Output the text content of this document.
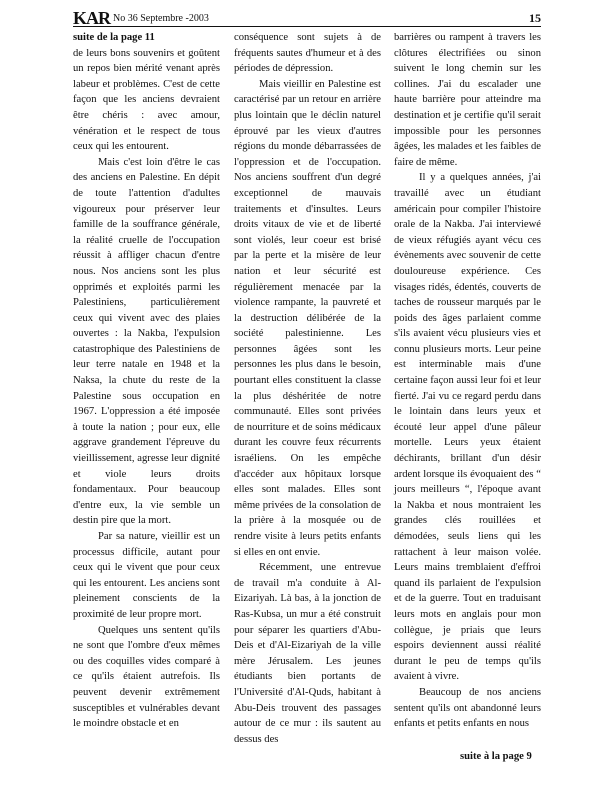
KAR No 36 Septembre -2003	15

suite de la page 11

de leurs bons souvenirs et goûtent un repos bien mérité venant après labeur et problèmes. C'est de cette façon que les anciens devraient être chéris : avec amour, vénération et le respect de tous ceux qui les entourent.

Mais c'est loin d'être le cas des anciens en Palestine. En dépit de toute l'attention d'adultes vigoureux pour préserver leur famille de la souffrance générale, la réalité cruelle de l'occupation réussit à affliger chacun d'entre nous. Nos anciens sont les plus opprimés et exploités parmi les Palestiniens, particulièrement ceux qui vivent avec des plaies ouvertes : la Nakba, l'expulsion catastrophique des Palestiniens de leur terre natale en 1948 et la Naksa, la chute du reste de la Palestine sous occupation en 1967. L'oppression a été imposée à toute la nation ; pour eux, elle aggrave grandement l'épreuve du vieillissement, agresse leur dignité et viole leurs droits fondamentaux. Pour beaucoup d'entre eux, la vie semble un destin pire que la mort.

Par sa nature, vieillir est un processus difficile, autant pour ceux qui le vivent que pour ceux qui les entourent. Les anciens sont pleinement conscients de la proximité de leur propre mort.

Quelques uns sentent qu'ils ne sont que l'ombre d'eux mêmes ou des coquilles vides comparé à ce qu'ils étaient autrefois. Ils peuvent devenir extrêmement susceptibles et vulnérables devant le moindre obstacle et en

conséquence sont sujets à de fréquents sautes d'humeur et à des périodes de dépression.

Mais vieillir en Palestine est caractérisé par un retour en arrière plus lointain que le déclin naturel éprouvé par les vieux d'autres régions du monde débarrassées de l'oppression et de l'occupation. Nos anciens souffrent d'un degré exceptionnel de mauvais traitements et d'insultes. Leurs droits vitaux de vie et de liberté sont violés, leur coeur est brisé par la perte et la misère de leur nation et leur sécurité est régulièrement menacée par la violence rampante, la pauvreté et la destruction délibérée de la société palestinienne. Les personnes âgées sont les personnes les plus dans le besoin, pourtant elles constituent la classe la plus déshéritée de notre communauté. Elles sont privées de nourriture et de soins médicaux durant les couvre feux récurrents israéliens. On les empêche d'accéder aux hôpitaux lorsque elles sont malades. Elles sont même privées de la consolation de la prière à la mosquée ou de rendre visite à leurs petits enfants si elles en ont envie.

Récemment, une entrevue de travail m'a conduite à Al-Eizariyah. Là bas, à la jonction de Ras-Kubsa, un mur a été construit pour séparer les quartiers d'Abu-Deis et d'Al-Eizariyah de la ville mère Jérusalem. Les jeunes étudiants bien portants de l'Université d'Al-Quds, habitant à Abu-Deis trouvent des passages autour de ce mur : ils sautent au dessus des

barrières ou rampent à travers les clôtures électrifiées ou sinon suivent le long chemin sur les collines. J'ai du escalader une haute barrière pour atteindre ma destination et je certifie qu'il serait impossible pour les personnes âgées, les malades et les faibles de faire de même.

Il y a quelques années, j'ai travaillé avec un étudiant américain pour compiler l'histoire orale de la Nakba. J'ai interviewé de vieux réfugiés ayant vécu ces évènements avec souvenir de cette douloureuse expérience. Ces visages ridés, édentés, couverts de taches de rousseur marqués par le poids des âges parlaient comme s'ils avaient vécu plusieurs vies et connu plusieurs morts. Leur peine est interminable mais d'une certaine façon aussi leur foi et leur fierté. J'ai vu ce regard perdu dans le lointain dans leurs yeux et écouté leur appel d'une pâleur mortelle. Leurs yeux étaient déchirants, brillant d'un désir ardent lorsque ils évoquaient des “ jours meilleurs “, l'époque avant la Nakba et nous montraient les grandes clés rouillées et démodées, seuls liens qui les rattachent à leur maison volée. Leurs mains tremblaient d'effroi quand ils parlaient de l'expulsion et de la guerre. Tout en traduisant leurs mots en anglais pour mon collègue, je priais que leurs espoirs deviennent aussi réalité durant le peu de temps qu'ils avaient à vivre.

Beaucoup de nos anciens sentent qu'ils ont abandonné leurs enfants et petits enfants en nous

suite à la page 9
